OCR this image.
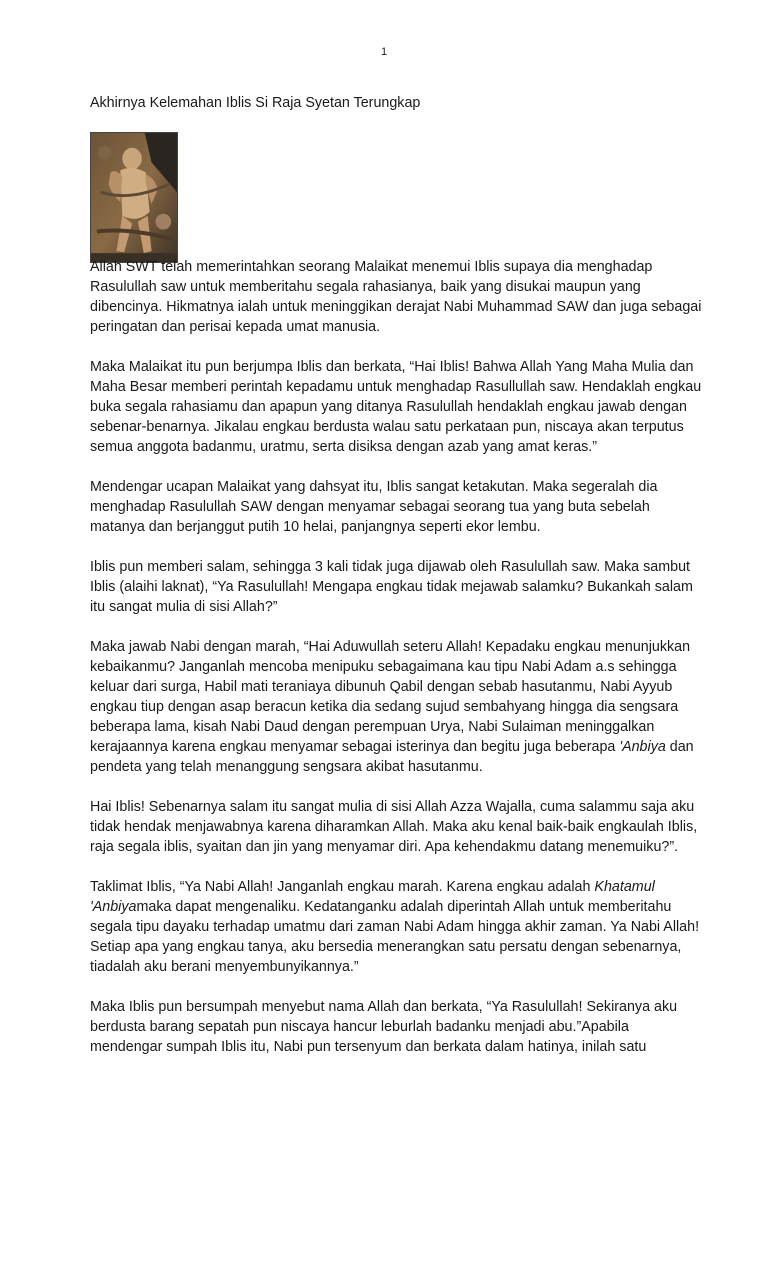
1
Akhirnya Kelemahan Iblis Si Raja Syetan Terungkap
Allah SWT telah memerintahkan seorang Malaikat menemui Iblis supaya dia menghadap Rasulullah saw untuk memberitahu segala rahasianya, baik yang disukai maupun yang dibencinya. Hikmatnya ialah untuk meninggikan derajat Nabi Muhammad SAW dan juga sebagai peringatan dan perisai kepada umat manusia.

Maka Malaikat itu pun berjumpa Iblis dan berkata, “Hai Iblis! Bahwa Allah Yang Maha Mulia dan Maha Besar memberi perintah kepadamu untuk menghadap Rasullullah saw. Hendaklah engkau buka segala rahasiamu dan apapun yang ditanya Rasulullah hendaklah engkau jawab dengan sebenar-benarnya. Jikalau engkau berdusta walau satu perkataan pun, niscaya akan terputus semua anggota badanmu, uratmu, serta disiksa dengan azab yang amat keras.”

Mendengar ucapan Malaikat yang dahsyat itu, Iblis sangat ketakutan. Maka segeralah dia menghadap Rasulullah SAW dengan menyamar sebagai seorang tua yang buta sebelah matanya dan berjanggut putih 10 helai, panjangnya seperti ekor lembu.

Iblis pun memberi salam, sehingga 3 kali tidak juga dijawab oleh Rasulullah saw. Maka sambut Iblis (alaihi laknat), “Ya Rasulullah! Mengapa engkau tidak mejawab salamku? Bukankah salam itu sangat mulia di sisi Allah?”

Maka jawab Nabi dengan marah, “Hai Aduwullah seteru Allah! Kepadaku engkau menunjukkan kebaikanmu? Janganlah mencoba menipuku sebagaimana kau tipu Nabi Adam a.s sehingga keluar dari surga, Habil mati teraniaya dibunuh Qabil dengan sebab hasutanmu, Nabi Ayyub engkau tiup dengan asap beracun ketika dia sedang sujud sembahyang hingga dia sengsara beberapa lama, kisah Nabi Daud dengan perempuan Urya, Nabi Sulaiman meninggalkan kerajaannya karena engkau menyamar sebagai isterinya dan begitu juga beberapa 'Anbiya dan pendeta yang telah menanggung sengsara akibat hasutanmu.

Hai Iblis! Sebenarnya salam itu sangat mulia di sisi Allah Azza Wajalla, cuma salammu saja aku tidak hendak menjawabnya karena diharamkan Allah. Maka aku kenal baik-baik engkaulah Iblis, raja segala iblis, syaitan dan jin yang menyamar diri. Apa kehendakmu datang menemuiku?”.

Taklimat Iblis, “Ya Nabi Allah! Janganlah engkau marah. Karena engkau adalah Khatamul 'Anbiyamaka dapat mengenaliku. Kedatanganku adalah diperintah Allah untuk memberitahu segala tipu dayaku terhadap umatmu dari zaman Nabi Adam hingga akhir zaman. Ya Nabi Allah! Setiap apa yang engkau tanya, aku bersedia menerangkan satu persatu dengan sebenarnya, tiadalah aku berani menyembunyikannya.”

Maka Iblis pun bersumpah menyebut nama Allah dan berkata, “Ya Rasulullah! Sekiranya aku berdusta barang sepatah pun niscaya hancur leburlah badanku menjadi abu.”Apabila mendengar sumpah Iblis itu, Nabi pun tersenyum dan berkata dalam hatinya, inilah satu
